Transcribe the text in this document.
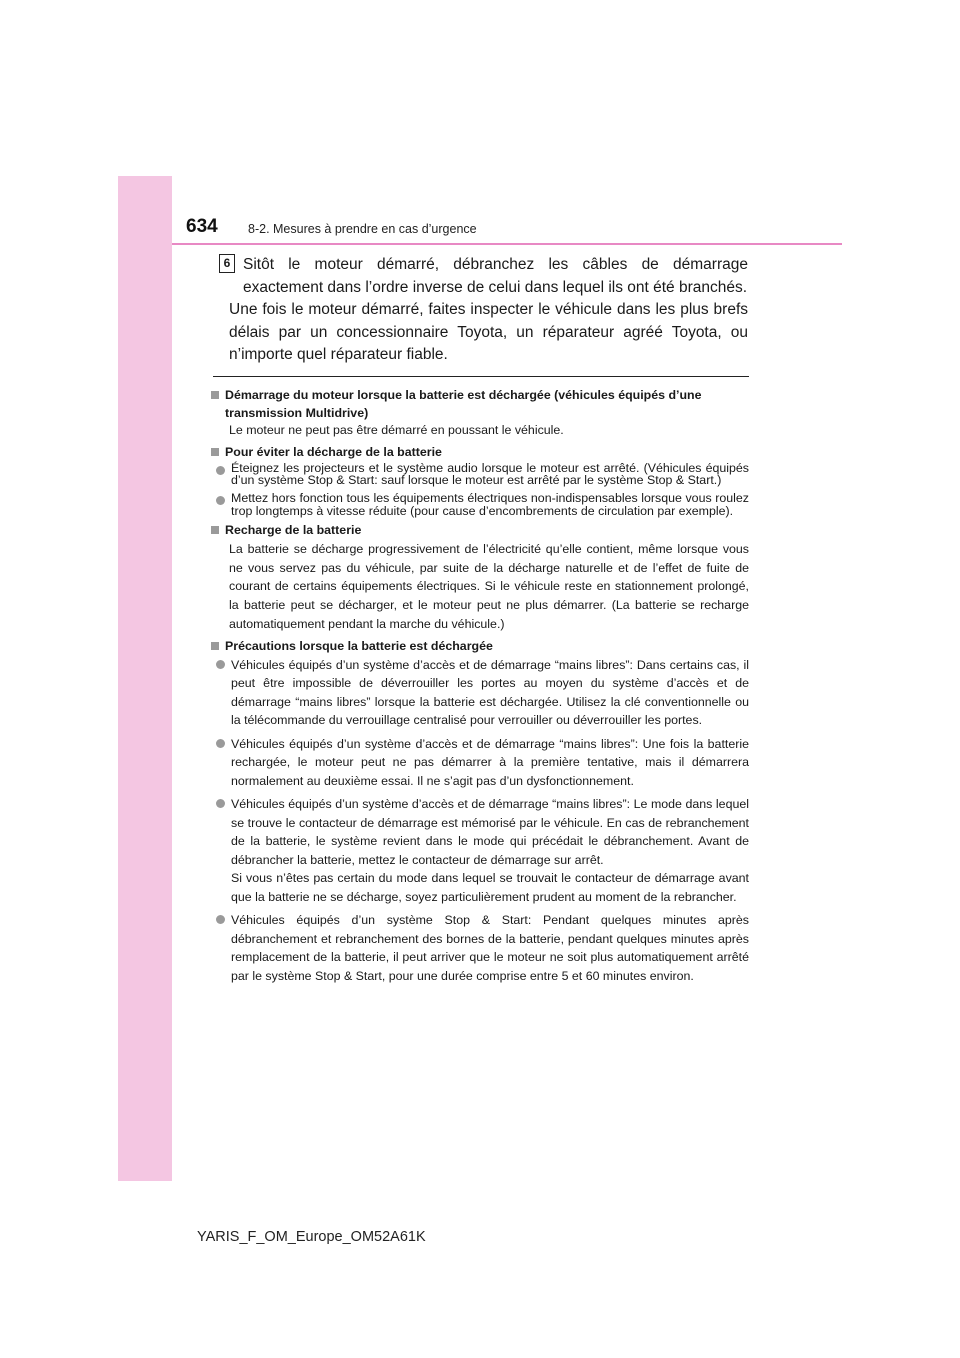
634 8-2. Mesures à prendre en cas d’urgence
6 Sitôt le moteur démarré, débranchez les câbles de démarrage exactement dans l’ordre inverse de celui dans lequel ils ont été branchés.
Une fois le moteur démarré, faites inspecter le véhicule dans les plus brefs délais par un concessionnaire Toyota, un réparateur agréé Toyota, ou n’importe quel réparateur fiable.
Démarrage du moteur lorsque la batterie est déchargée (véhicules équipés d’une transmission Multidrive)
Le moteur ne peut pas être démarré en poussant le véhicule.
Pour éviter la décharge de la batterie
Éteignez les projecteurs et le système audio lorsque le moteur est arrêté. (Véhicules équipés d’un système Stop & Start: sauf lorsque le moteur est arrêté par le système Stop & Start.)
Mettez hors fonction tous les équipements électriques non-indispensables lorsque vous roulez trop longtemps à vitesse réduite (pour cause d’encombrements de circulation par exemple).
Recharge de la batterie
La batterie se décharge progressivement de l’électricité qu’elle contient, même lorsque vous ne vous servez pas du véhicule, par suite de la décharge naturelle et de l’effet de fuite de courant de certains équipements électriques. Si le véhicule reste en stationnement prolongé, la batterie peut se décharger, et le moteur peut ne plus démarrer. (La batterie se recharge automatiquement pendant la marche du véhicule.)
Précautions lorsque la batterie est déchargée
Véhicules équipés d’un système d’accès et de démarrage “mains libres”: Dans certains cas, il peut être impossible de déverrouiller les portes au moyen du système d’accès et de démarrage “mains libres” lorsque la batterie est déchargée. Utilisez la clé conventionnelle ou la télécommande du verrouillage centralisé pour verrouiller ou déverrouiller les portes.
Véhicules équipés d’un système d’accès et de démarrage “mains libres”: Une fois la batterie rechargée, le moteur peut ne pas démarrer à la première tentative, mais il démarrera normalement au deuxième essai. Il ne s’agit pas d’un dysfonctionnement.
Véhicules équipés d’un système d’accès et de démarrage “mains libres”: Le mode dans lequel se trouve le contacteur de démarrage est mémorisé par le véhicule. En cas de rebranchement de la batterie, le système revient dans le mode qui précédait le débranchement. Avant de débrancher la batterie, mettez le contacteur de démarrage sur arrêt.
Si vous n’êtes pas certain du mode dans lequel se trouvait le contacteur de démarrage avant que la batterie ne se décharge, soyez particulièrement prudent au moment de la rebrancher.
Véhicules équipés d’un système Stop & Start: Pendant quelques minutes après débranchement et rebranchement des bornes de la batterie, pendant quelques minutes après remplacement de la batterie, il peut arriver que le moteur ne soit plus automatiquement arrêté par le système Stop & Start, pour une durée comprise entre 5 et 60 minutes environ.
YARIS_F_OM_Europe_OM52A61K
